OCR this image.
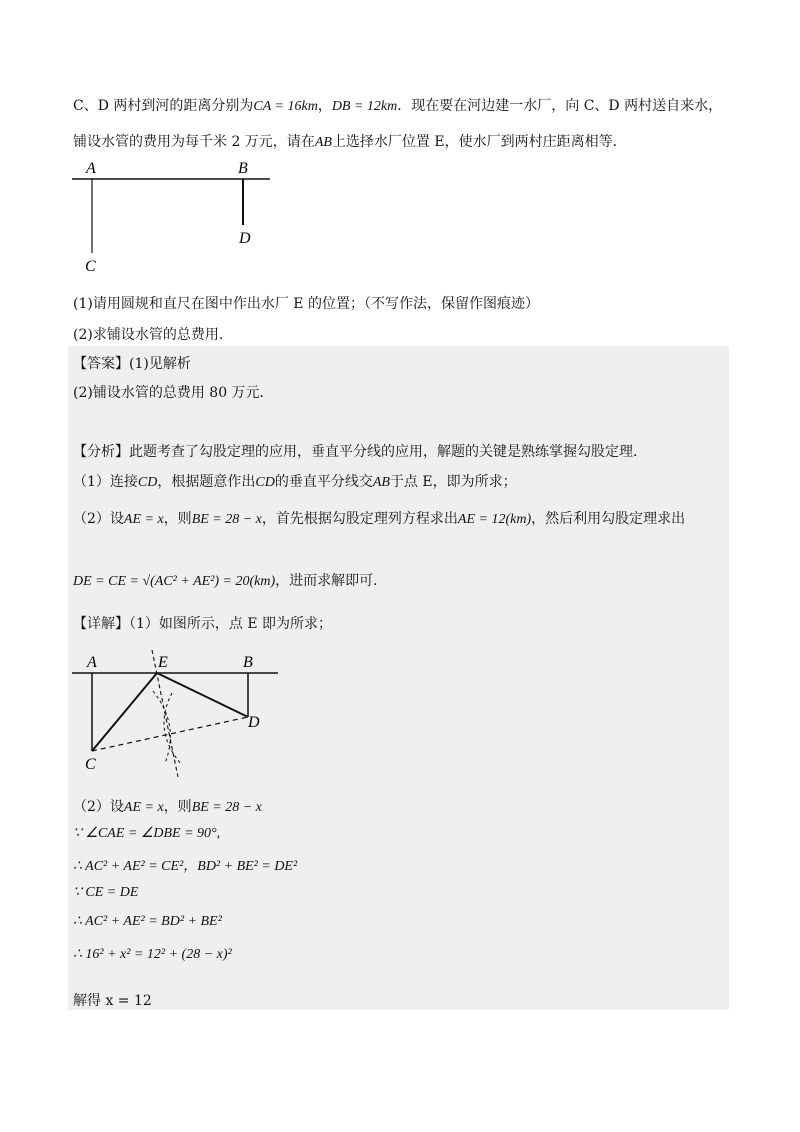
C、D 两村到河的距离分别为CA = 16km，DB = 12km．现在要在河边建一水厂，向 C、D 两村送自来水，
铺设水管的费用为每千米 2 万元，请在AB上选择水厂位置 E，使水厂到两村庄距离相等．
A	B
D
C
(1)请用圆规和直尺在图中作出水厂 E 的位置；（不写作法，保留作图痕迹）
(2)求铺设水管的总费用．
【答案】(1)见解析
(2)铺设水管的总费用 80 万元．
【分析】此题考查了勾股定理的应用，垂直平分线的应用，解题的关键是熟练掌握勾股定理．
（1）连接CD，根据题意作出CD的垂直平分线交AB于点 E，即为所求；
（2）设AE = x，则BE = 28 − x，首先根据勾股定理列方程求出AE = 12(km)，然后利用勾股定理求出
DE = CE = √(AC² + AE²) = 20(km)，进而求解即可．
【详解】（1）如图所示，点 E 即为所求；
A	E	B
D
C
（2）设AE = x，则BE = 28 − x
∵ ∠CAE = ∠DBE = 90°,
∴ AC² + AE² = CE²，BD² + BE² = DE²
∵ CE = DE
∴ AC² + AE² = BD² + BE²
∴ 16² + x² = 12² + (28 − x)²
解得 x = 12
